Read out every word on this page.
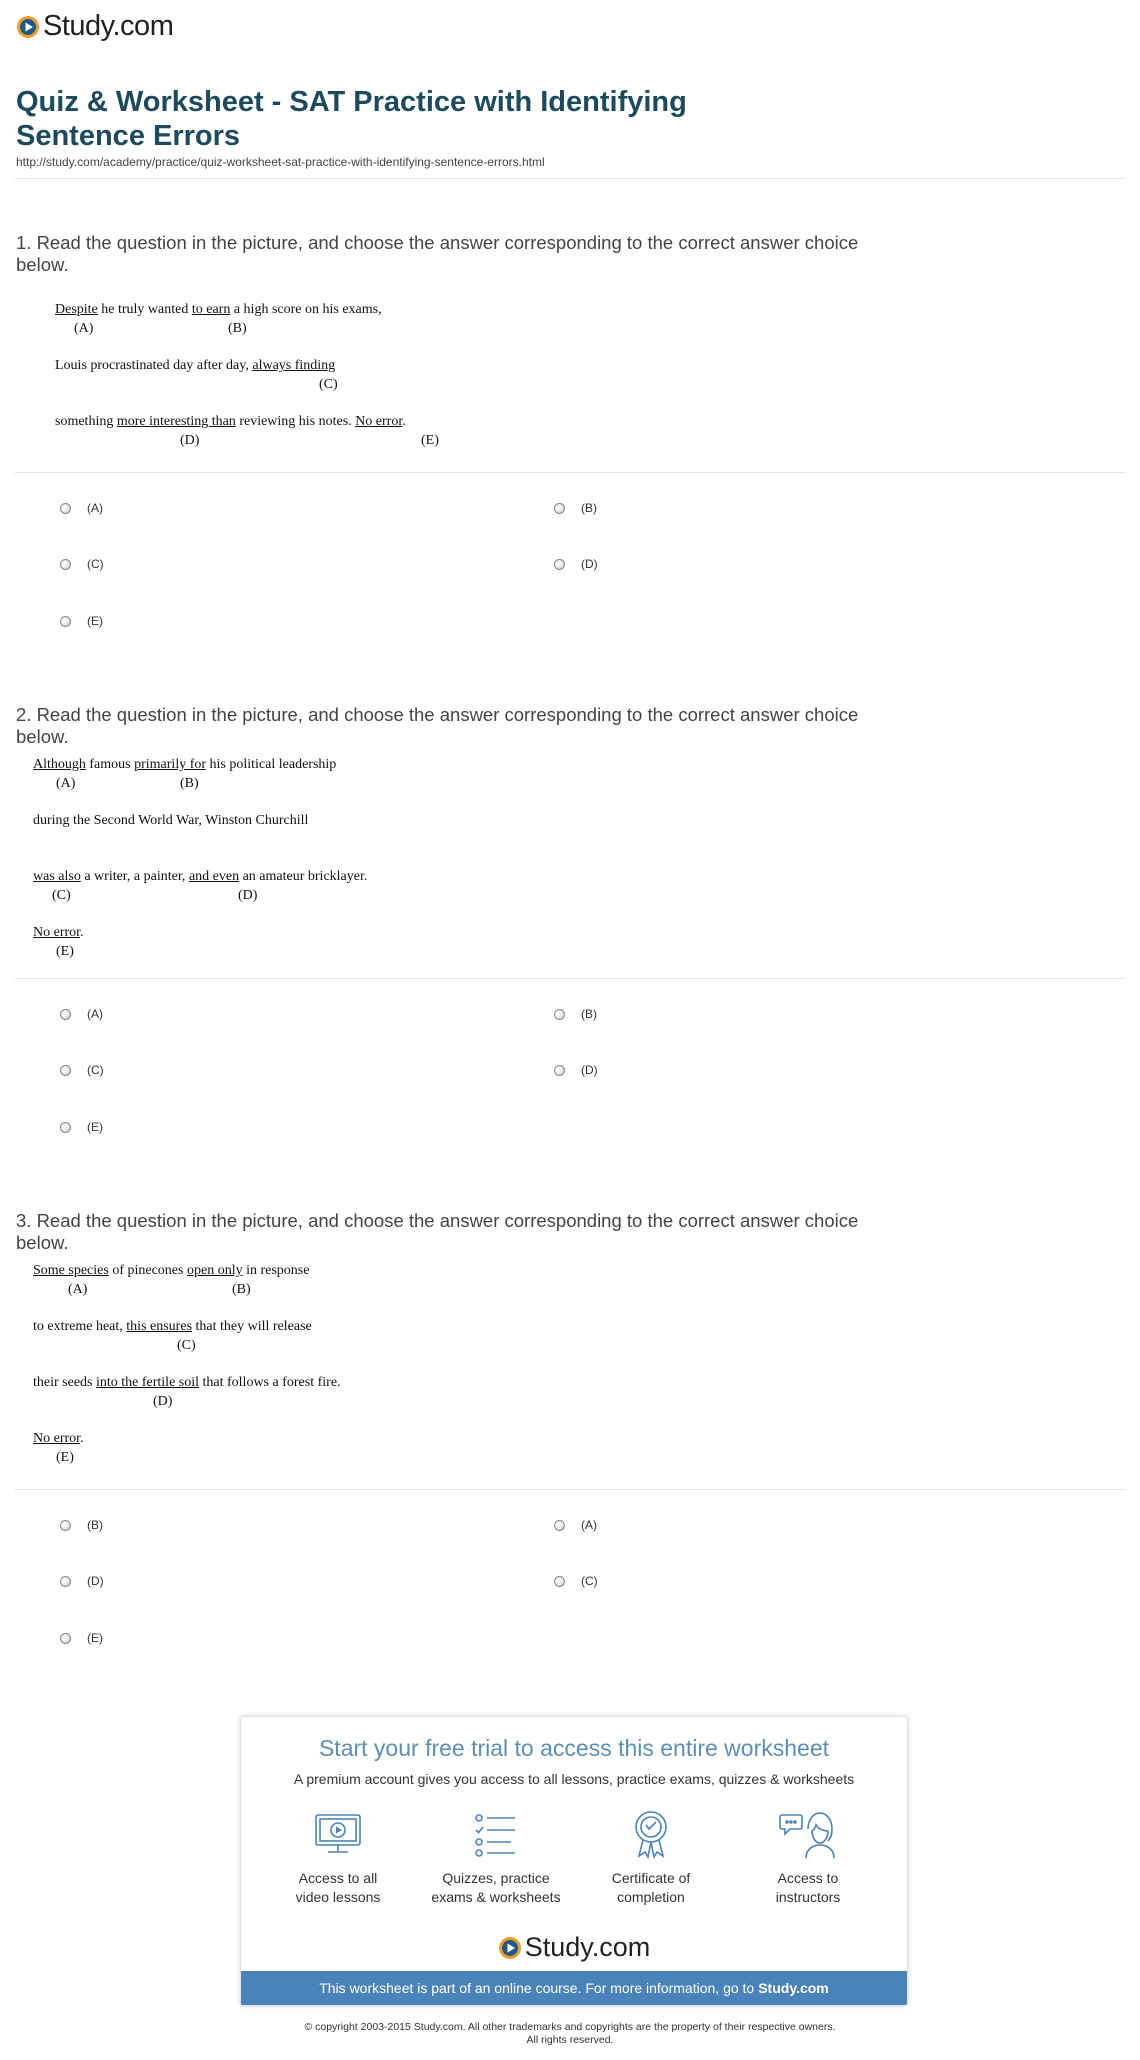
Study.com
Quiz & Worksheet - SAT Practice with Identifying
Sentence Errors
http://study.com/academy/practice/quiz-worksheet-sat-practice-with-identifying-sentence-errors.html

1. Read the question in the picture, and choose the answer corresponding to the correct answer choice below.

Despite he truly wanted to earn a high score on his exams,
(A)	(B)
Louis procrastinated day after day, always finding
(C)
something more interesting than reviewing his notes. No error.
(D)	(E)
(A)	(B)
(C)	(D)
(E)

2. Read the question in the picture, and choose the answer corresponding to the correct answer choice below.

Although famous primarily for his political leadership
(A)	(B)
during the Second World War, Winston Churchill
was also a writer, a painter, and even an amateur bricklayer.
(C)	(D)
No error.
(E)
(A)	(B)
(C)	(D)
(E)

3. Read the question in the picture, and choose the answer corresponding to the correct answer choice below.

Some species of pinecones open only in response
(A)	(B)
to extreme heat, this ensures that they will release
(C)
their seeds into the fertile soil that follows a forest fire.
(D)
No error.
(E)
(B)	(A)
(D)	(C)
(E)
Start your free trial to access this entire worksheet
A premium account gives you access to all lessons, practice exams, quizzes & worksheets
Access to all
video lessons
Quizzes, practice
exams & worksheets
Certificate of
completion
Access to
instructors
Study.com
This worksheet is part of an online course. For more information, go to Study.com
© copyright 2003-2015 Study.com. All other trademarks and copyrights are the property of their respective owners.
All rights reserved.
